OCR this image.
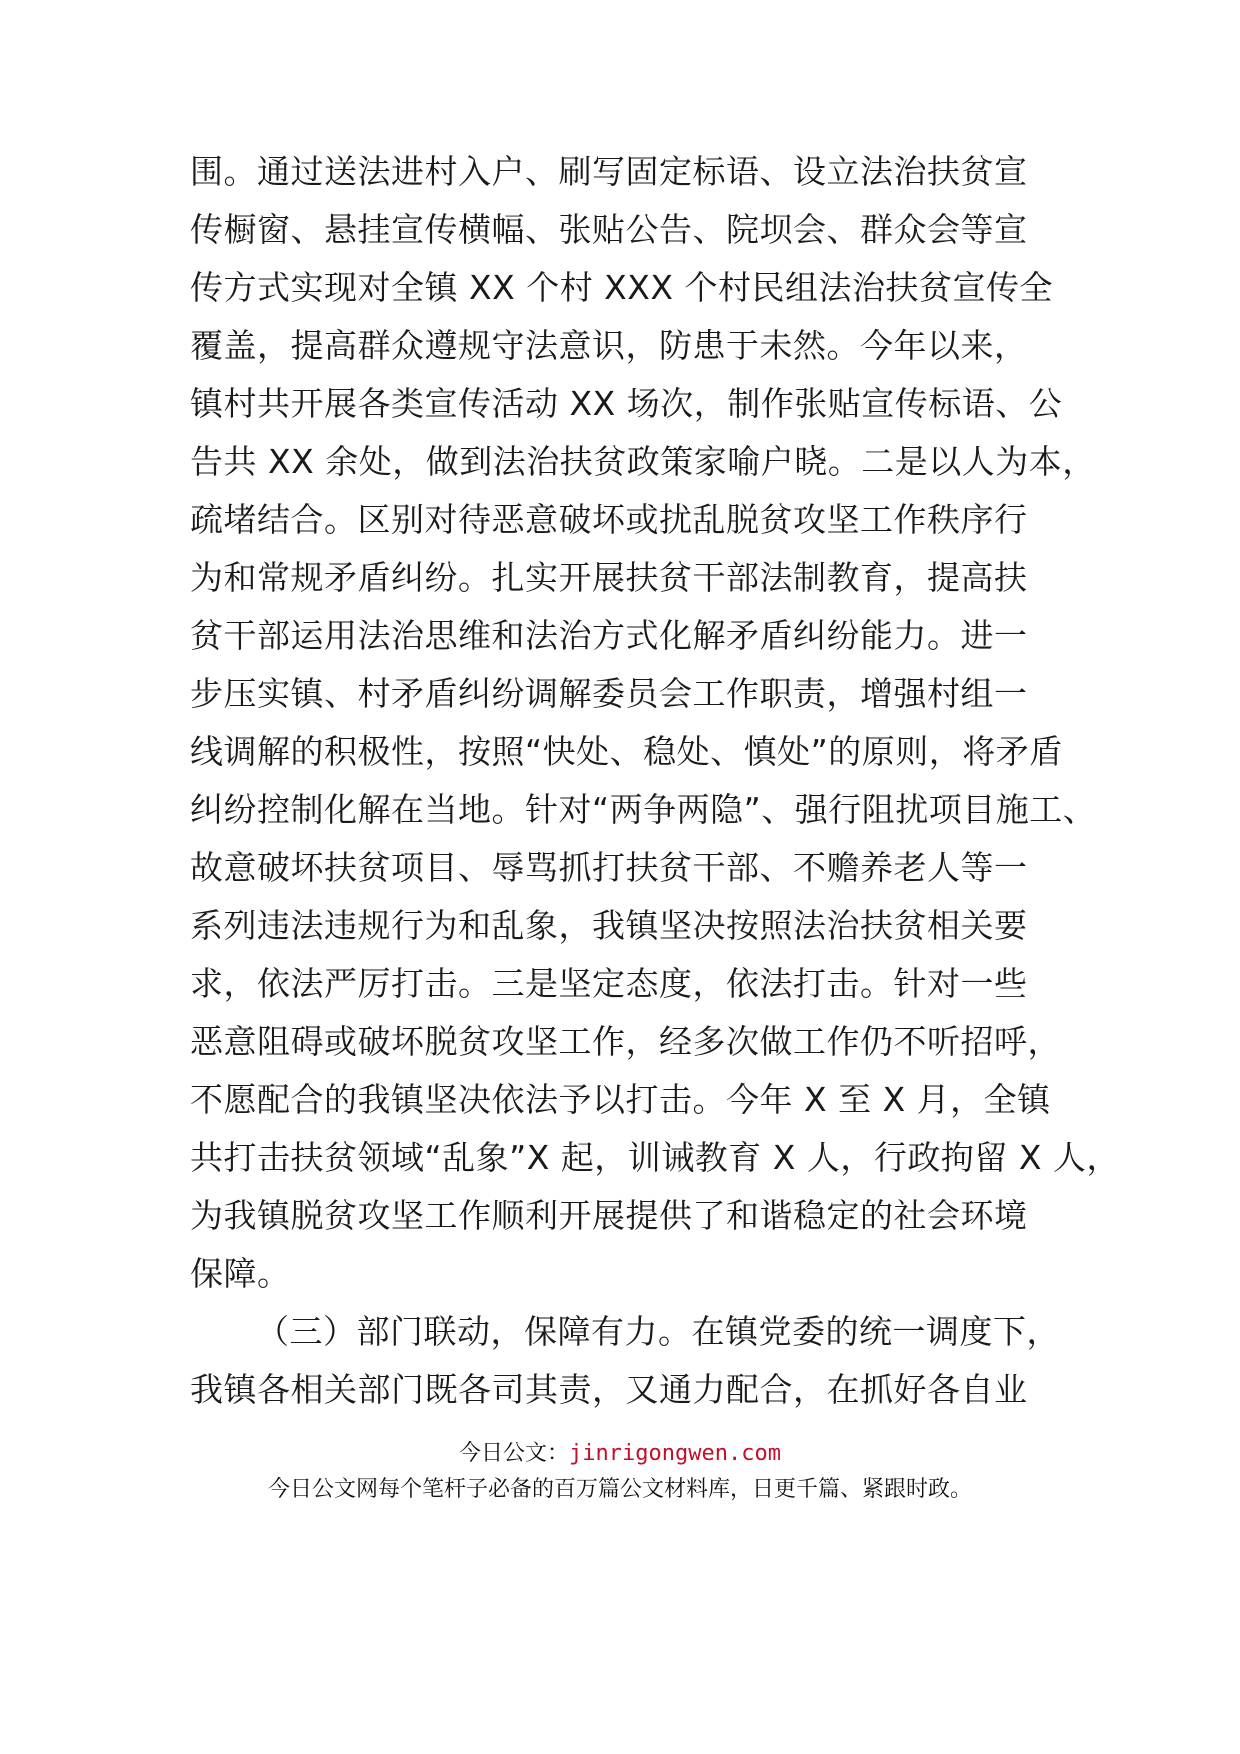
围。通过送法进村入户、刷写固定标语、设立法治扶贫宣
传橱窗、悬挂宣传横幅、张贴公告、院坝会、群众会等宣
传方式实现对全镇 XX 个村 XXX 个村民组法治扶贫宣传全
覆盖，提高群众遵规守法意识，防患于未然。今年以来，
镇村共开展各类宣传活动 XX 场次，制作张贴宣传标语、公
告共 XX 余处，做到法治扶贫政策家喻户晓。二是以人为本，
疏堵结合。区别对待恶意破坏或扰乱脱贫攻坚工作秩序行
为和常规矛盾纠纷。扎实开展扶贫干部法制教育，提高扶
贫干部运用法治思维和法治方式化解矛盾纠纷能力。进一
步压实镇、村矛盾纠纷调解委员会工作职责，增强村组一
线调解的积极性，按照“快处、稳处、慎处”的原则，将矛盾
纠纷控制化解在当地。针对“两争两隐”、强行阻扰项目施工、
故意破坏扶贫项目、辱骂抓打扶贫干部、不赡养老人等一
系列违法违规行为和乱象，我镇坚决按照法治扶贫相关要
求，依法严厉打击。三是坚定态度，依法打击。针对一些
恶意阻碍或破坏脱贫攻坚工作，经多次做工作仍不听招呼，
不愿配合的我镇坚决依法予以打击。今年 X 至 X 月，全镇
共打击扶贫领域“乱象”X 起，训诫教育 X 人，行政拘留 X 人，
为我镇脱贫攻坚工作顺利开展提供了和谐稳定的社会环境
保障。
（三）部门联动，保障有力。在镇党委的统一调度下，
我镇各相关部门既各司其责，又通力配合，在抓好各自业
今日公文：jinrigongwen.com
今日公文网每个笔杆子必备的百万篇公文材料库，日更千篇、紧跟时政。
